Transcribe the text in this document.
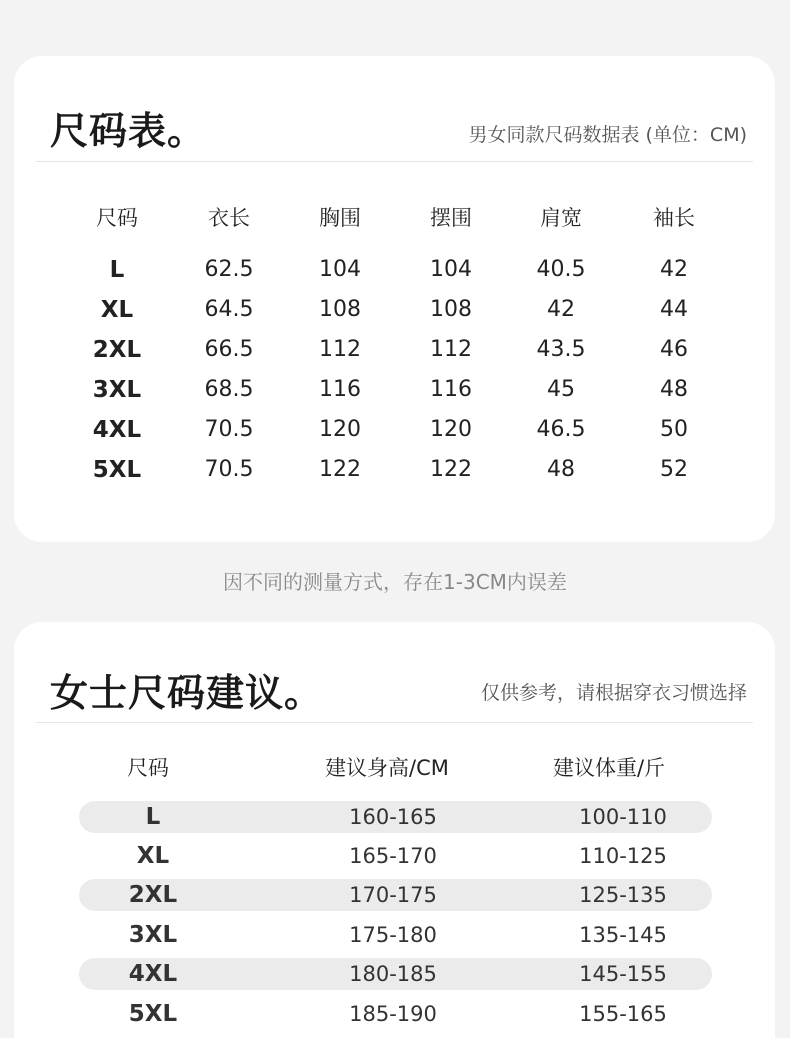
尺码表。	男女同款尺码数据表 (单位：CM)
尺码	衣长	胸围	摆围	肩宽	袖长
L	62.5	104	104	40.5	42
XL	64.5	108	108	42	44
2XL	66.5	112	112	43.5	46
3XL	68.5	116	116	45	48
4XL	70.5	120	120	46.5	50
5XL	70.5	122	122	48	52
因不同的测量方式，存在1-3CM内误差
女士尺码建议。	仅供参考，请根据穿衣习惯选择
尺码	建议身高/CM	建议体重/斤
L	160-165	100-110
XL	165-170	110-125
2XL	170-175	125-135
3XL	175-180	135-145
4XL	180-185	145-155
5XL	185-190	155-165
